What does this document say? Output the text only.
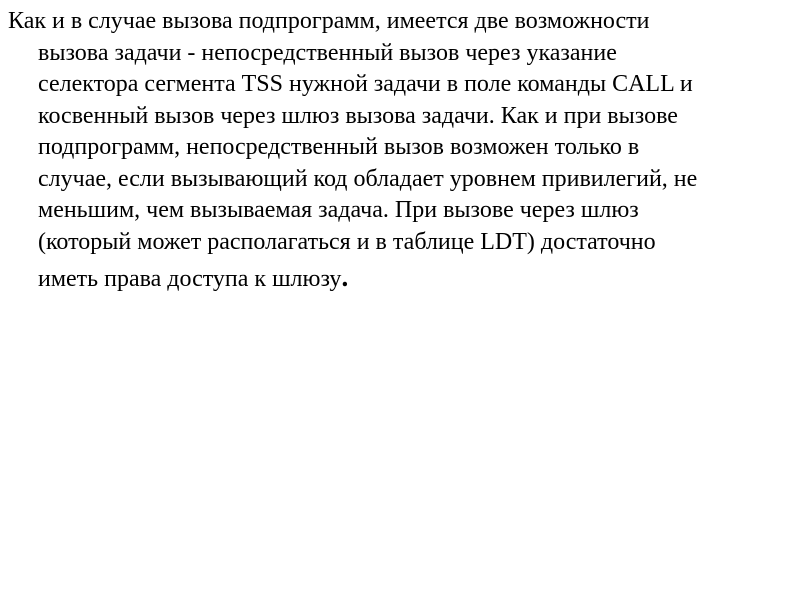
Как и в случае вызова подпрограмм, имеется две возможности
вызова задачи - непосредственный вызов через указание
селектора сегмента TSS нужной задачи в поле команды CALL и
косвенный вызов через шлюз вызова задачи. Как и при вызове
подпрограмм, непосредственный вызов возможен только в
случае, если вызывающий код обладает уровнем привилегий, не
меньшим, чем вызываемая задача. При вызове через шлюз
(который может располагаться и в таблице LDT) достаточно
иметь права доступа к шлюзу.
